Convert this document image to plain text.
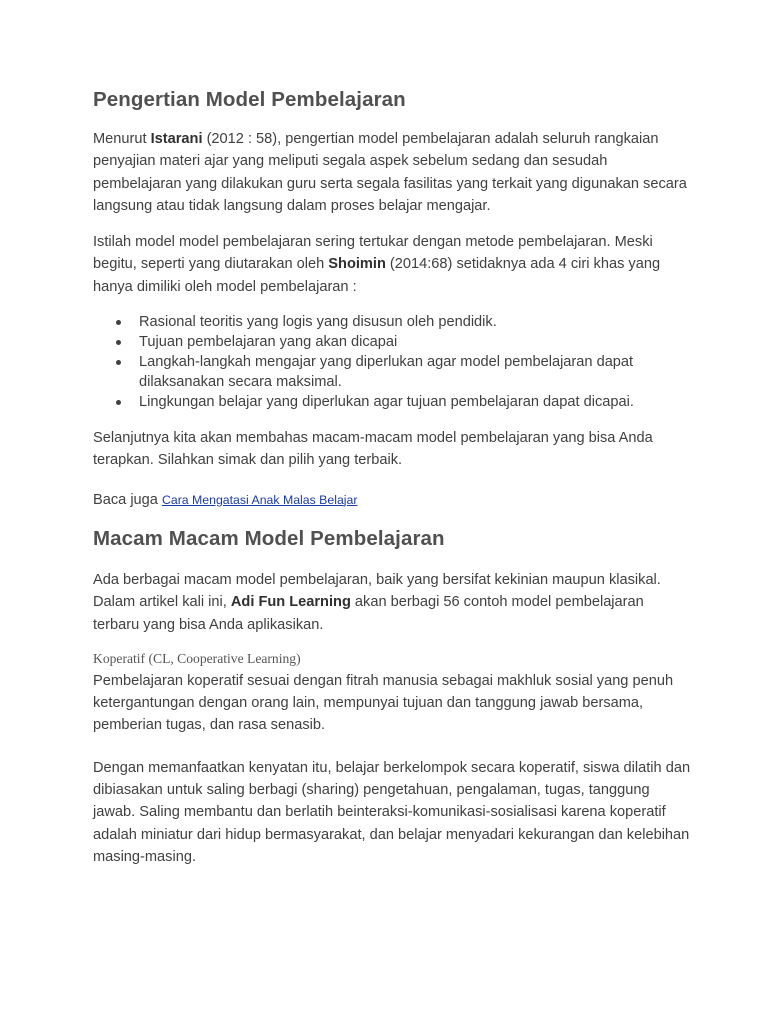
Pengertian Model Pembelajaran

Menurut Istarani (2012 : 58), pengertian model pembelajaran adalah seluruh rangkaian penyajian materi ajar yang meliputi segala aspek sebelum sedang dan sesudah pembelajaran yang dilakukan guru serta segala fasilitas yang terkait yang digunakan secara langsung atau tidak langsung dalam proses belajar mengajar.

Istilah model model pembelajaran sering tertukar dengan metode pembelajaran. Meski begitu, seperti yang diutarakan oleh Shoimin (2014:68) setidaknya ada 4 ciri khas yang hanya dimiliki oleh model pembelajaran :

Rasional teoritis yang logis yang disusun oleh pendidik.
Tujuan pembelajaran yang akan dicapai
Langkah-langkah mengajar yang diperlukan agar model pembelajaran dapat dilaksanakan secara maksimal.
Lingkungan belajar yang diperlukan agar tujuan pembelajaran dapat dicapai.

Selanjutnya kita akan membahas macam-macam model pembelajaran yang bisa Anda terapkan. Silahkan simak dan pilih yang terbaik.

Baca juga Cara Mengatasi Anak Malas Belajar

Macam Macam Model Pembelajaran

Ada berbagai macam model pembelajaran, baik yang bersifat kekinian maupun klasikal. Dalam artikel kali ini, Adi Fun Learning akan berbagi 56 contoh model pembelajaran terbaru yang bisa Anda aplikasikan.

Koperatif (CL, Cooperative Learning)

Pembelajaran koperatif sesuai dengan fitrah manusia sebagai makhluk sosial yang penuh ketergantungan dengan orang lain, mempunyai tujuan dan tanggung jawab bersama, pemberian tugas, dan rasa senasib.

Dengan memanfaatkan kenyatan itu, belajar berkelompok secara koperatif, siswa dilatih dan dibiasakan untuk saling berbagi (sharing) pengetahuan, pengalaman, tugas, tanggung jawab. Saling membantu dan berlatih beinteraksi-komunikasi-sosialisasi karena koperatif adalah miniatur dari hidup bermasyarakat, dan belajar menyadari kekurangan dan kelebihan masing-masing.
